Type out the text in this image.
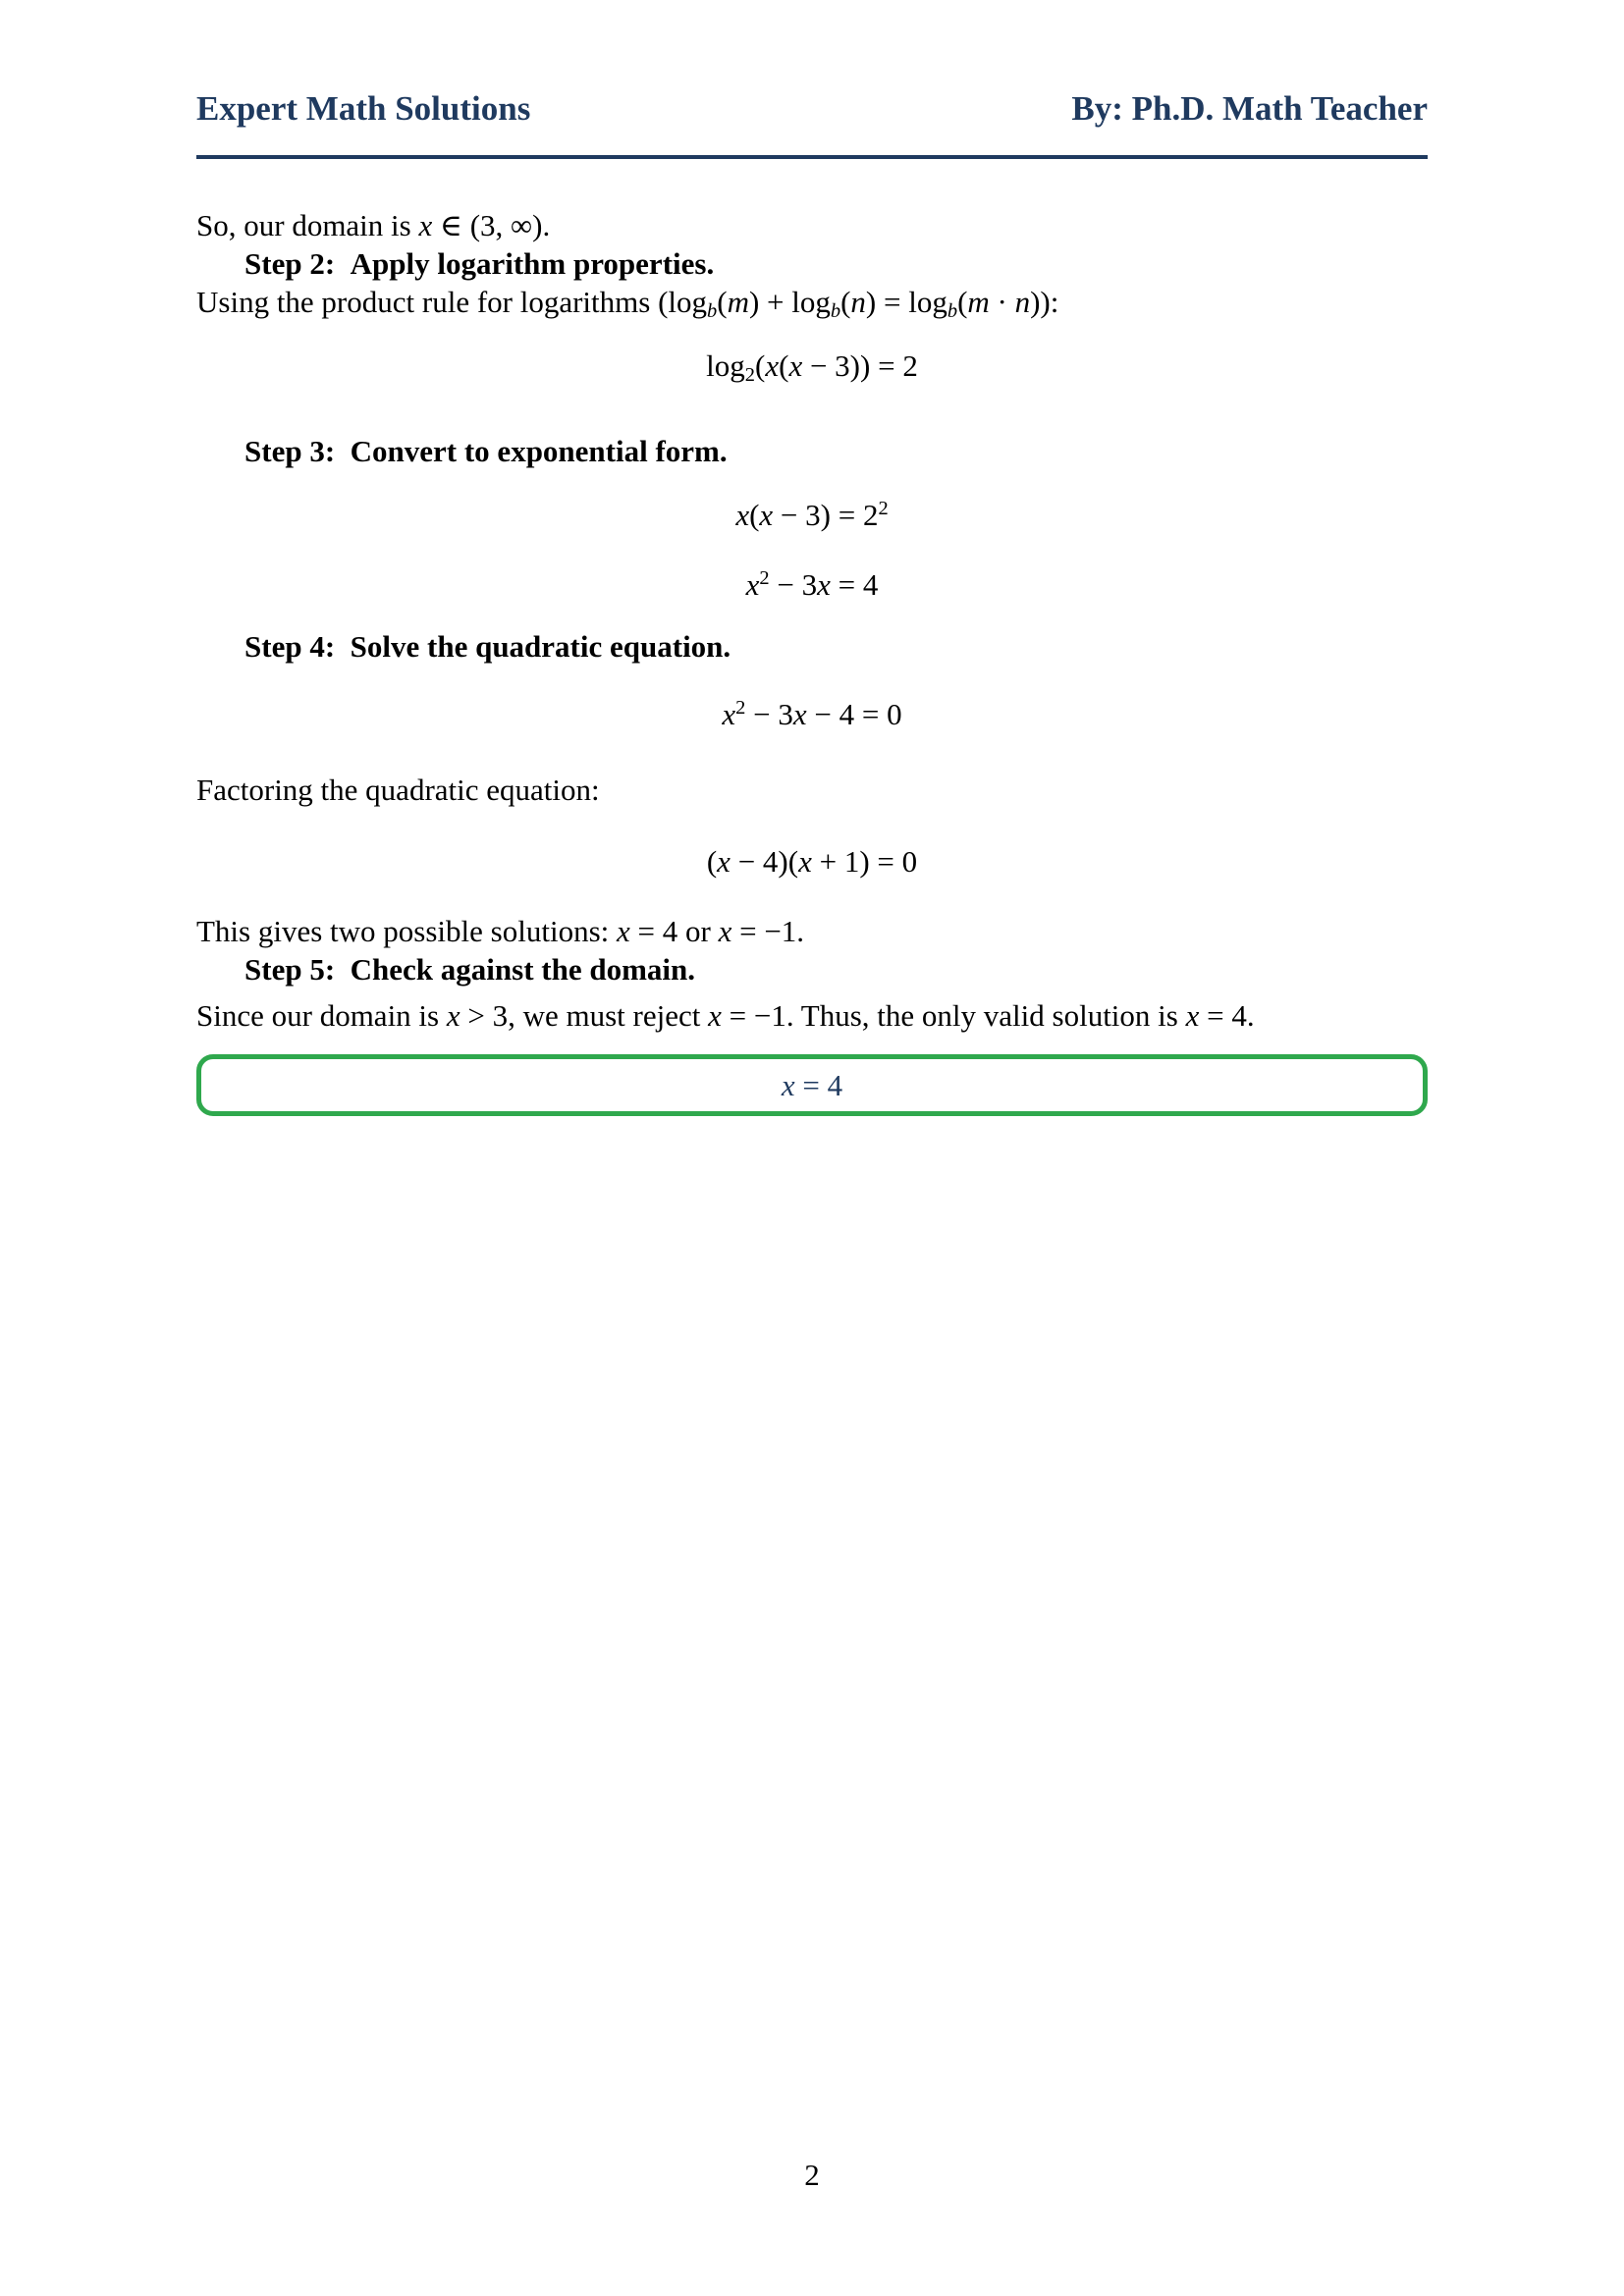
Expert Math Solutions	By: Ph.D. Math Teacher

So, our domain is x ∈ (3, ∞).

Step 2: Apply logarithm properties.

Using the product rule for logarithms $(\log_b(m) + \log_b(n) = \log_b(m \cdot n))$:

$\log_2(x(x - 3)) = 2$

Step 3: Convert to exponential form.

$x(x - 3) = 2^2$

$x^2 - 3x = 4$

Step 4: Solve the quadratic equation.

$x^2 - 3x - 4 = 0$

Factoring the quadratic equation:

(x − 4)(x + 1) = 0

This gives two possible solutions: x = 4 or x = −1.

Step 5: Check against the domain.

Since our domain is x > 3, we must reject x = −1. Thus, the only valid solution is x = 4.

x = 4
2
